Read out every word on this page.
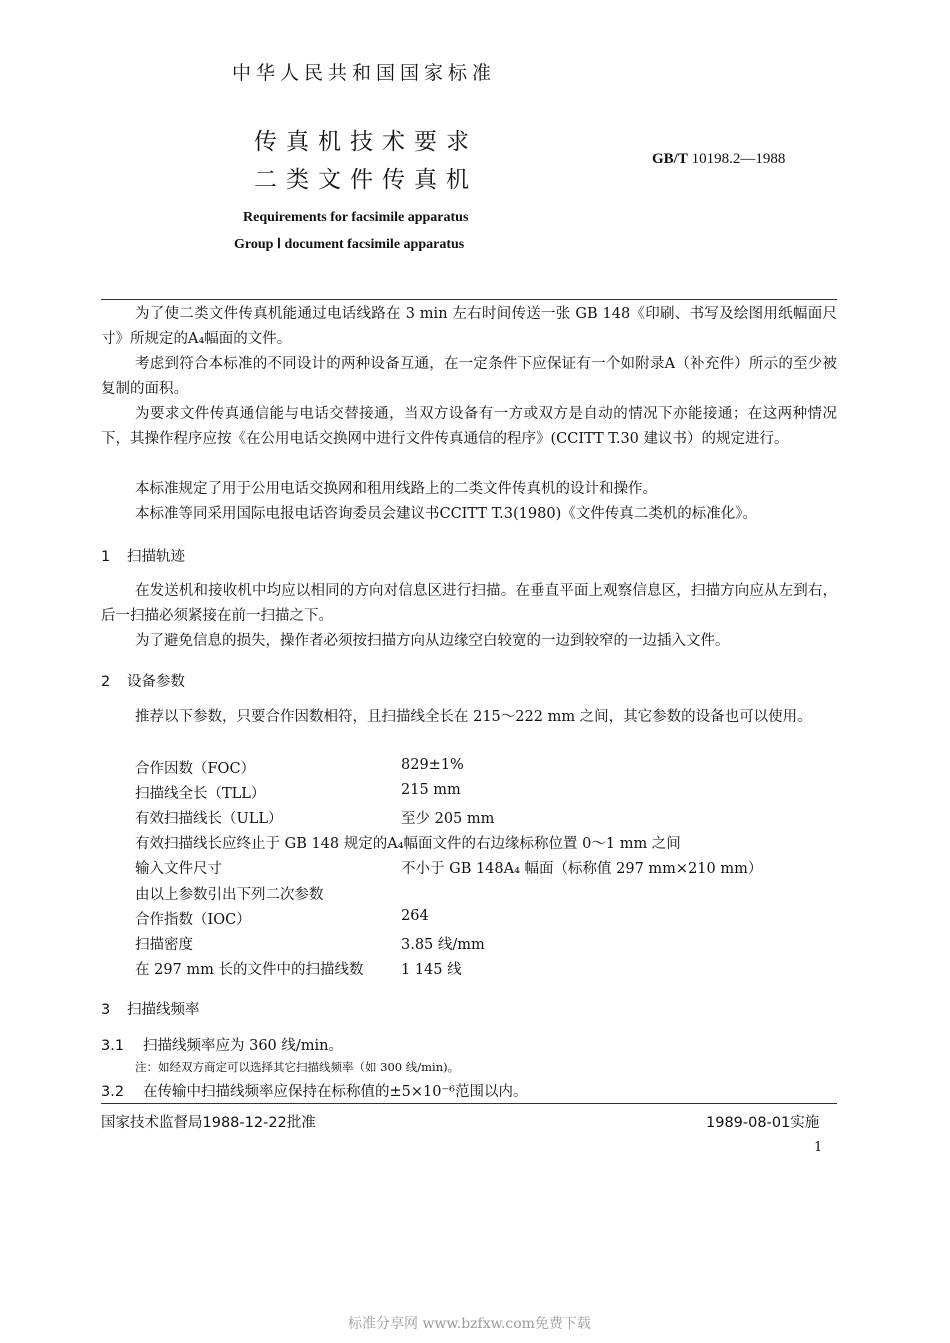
中华人民共和国国家标准
传真机技术要求
二类文件传真机
GB/T 10198.2—1988
Requirements for facsimile apparatus
Group Ⅰ document facsimile apparatus
为了使二类文件传真机能通过电话线路在 3 min 左右时间传送一张 GB 148《印刷、书写及绘图用纸幅面尺寸》所规定的A₄幅面的文件。
考虑到符合本标准的不同设计的两种设备互通，在一定条件下应保证有一个如附录A（补充件）所示的至少被复制的面积。
为要求文件传真通信能与电话交替接通，当双方设备有一方或双方是自动的情况下亦能接通；在这两种情况下，其操作程序应按《在公用电话交换网中进行文件传真通信的程序》(CCITT T.30 建议书）的规定进行。
本标准规定了用于公用电话交换网和租用线路上的二类文件传真机的设计和操作。
本标准等同采用国际电报电话咨询委员会建议书CCITT T.3(1980)《文件传真二类机的标准化》。
1 扫描轨迹
在发送机和接收机中均应以相同的方向对信息区进行扫描。在垂直平面上观察信息区，扫描方向应从左到右，后一扫描必须紧接在前一扫描之下。
为了避免信息的损失，操作者必须按扫描方向从边缘空白较宽的一边到较窄的一边插入文件。
2 设备参数
推荐以下参数，只要合作因数相符，且扫描线全长在 215～222 mm 之间，其它参数的设备也可以使用。
合作因数（FOC）	829±1%
扫描线全长（TLL）	215 mm
有效扫描线长（ULL）	至少 205 mm
有效扫描线长应终止于 GB 148 规定的A₄幅面文件的右边缘标称位置 0～1 mm 之间
输入文件尺寸	不小于 GB 148A₄ 幅面（标称值 297 mm×210 mm）
由以上参数引出下列二次参数
合作指数（IOC）	264
扫描密度	3.85 线/mm
在 297 mm 长的文件中的扫描线数	1 145 线
3 扫描线频率
3.1 扫描线频率应为 360 线/min。
注：如经双方商定可以选择其它扫描线频率（如 300 线/min)。
3.2 在传输中扫描线频率应保持在标称值的±5×10⁻⁶范围以内。
国家技术监督局1988-12-22批准	1989-08-01实施
1
标准分享网 www.bzfxw.com免费下载
